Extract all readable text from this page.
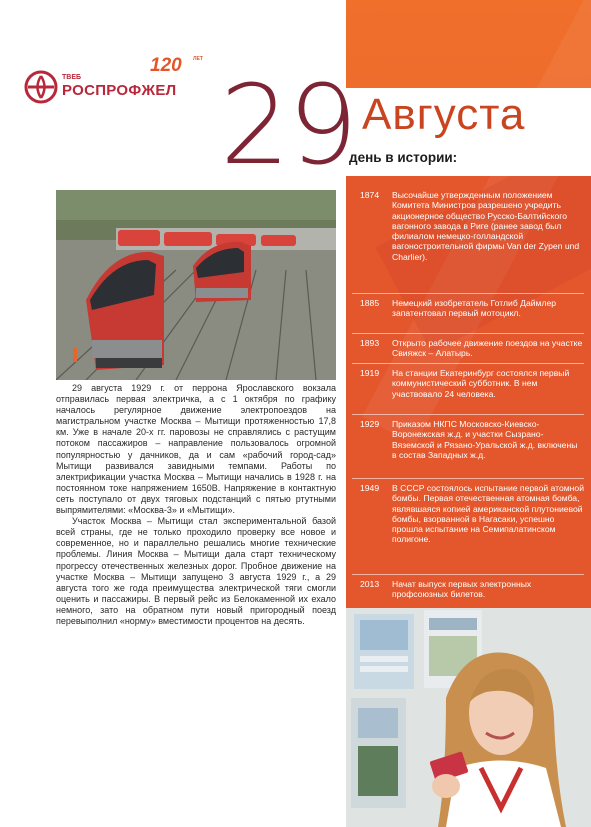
ТВЕБ
РОСПРОФЖЕЛ
120 ЛЕТ
29 Августа
день в истории:

29 августа 1929 г. от перрона Ярославского вокзала отправилась первая электричка, а с 1 октября по графику началось регулярное движение электропоездов на магистральном участке Москва – Мытищи протяженностью 17,8 км. Уже в начале 20-х гг. паровозы не справлялись с растущим потоком пассажиров – направление пользовалось огромной популярностью у дачников, да и сам «рабочий город-сад» Мытищи развивался завидными темпами. Работы по электрификации участка Москва – Мытищи начались в 1928 г. на постоянном токе напряжением 1650В. Напряжение в контактную сеть поступало от двух тяговых подстанций с пятью ртутными выпрямителями: «Москва-3» и «Мытищи».

Участок Москва – Мытищи стал экспериментальной базой всей страны, где не только проходило проверку все новое и современное, но и параллельно решались многие технические проблемы. Линия Москва – Мытищи дала старт техническому прогрессу отечественных железных дорог. Пробное движение на участке Москва – Мытищи запущено 3 августа 1929 г., а 29 августа того же года преимущества электрической тяги смогли оценить и пассажиры. В первый рейс из Белокаменной их ехало немного, зато на обратном пути новый пригородный поезд перевыполнил «норму» вместимости процентов на десять.

1874 Высочайше утвержденным положением Комитета Министров разрешено учредить акционерное общество Русско-Балтийского вагонного завода в Риге (ранее завод был филиалом немецко-голландской вагоностроительной фирмы Van der Zypen und Charlier).
1885 Немецкий изобретатель Готлиб Даймлер запатентовал первый мотоцикл.
1893 Открыто рабочее движение поездов на участке Свияжск – Алатырь.
1919 На станции Екатеринбург состоялся первый коммунистический субботник. В нем участвовало 24 человека.
1929 Приказом НКПС Московско-Киевско-Воронежская ж.д. и участки Сызрано-Вяземской и Рязано-Уральской ж.д. включены в состав Западных ж.д.
1949 В СССР состоялось испытание первой атомной бомбы. Первая отечественная атомная бомба, являвшаяся копией американской плутониевой бомбы, взорванной в Нагасаки, успешно прошла испытание на Семипалатинском полигоне.
2013 Начат выпуск первых электронных профсоюзных билетов.
